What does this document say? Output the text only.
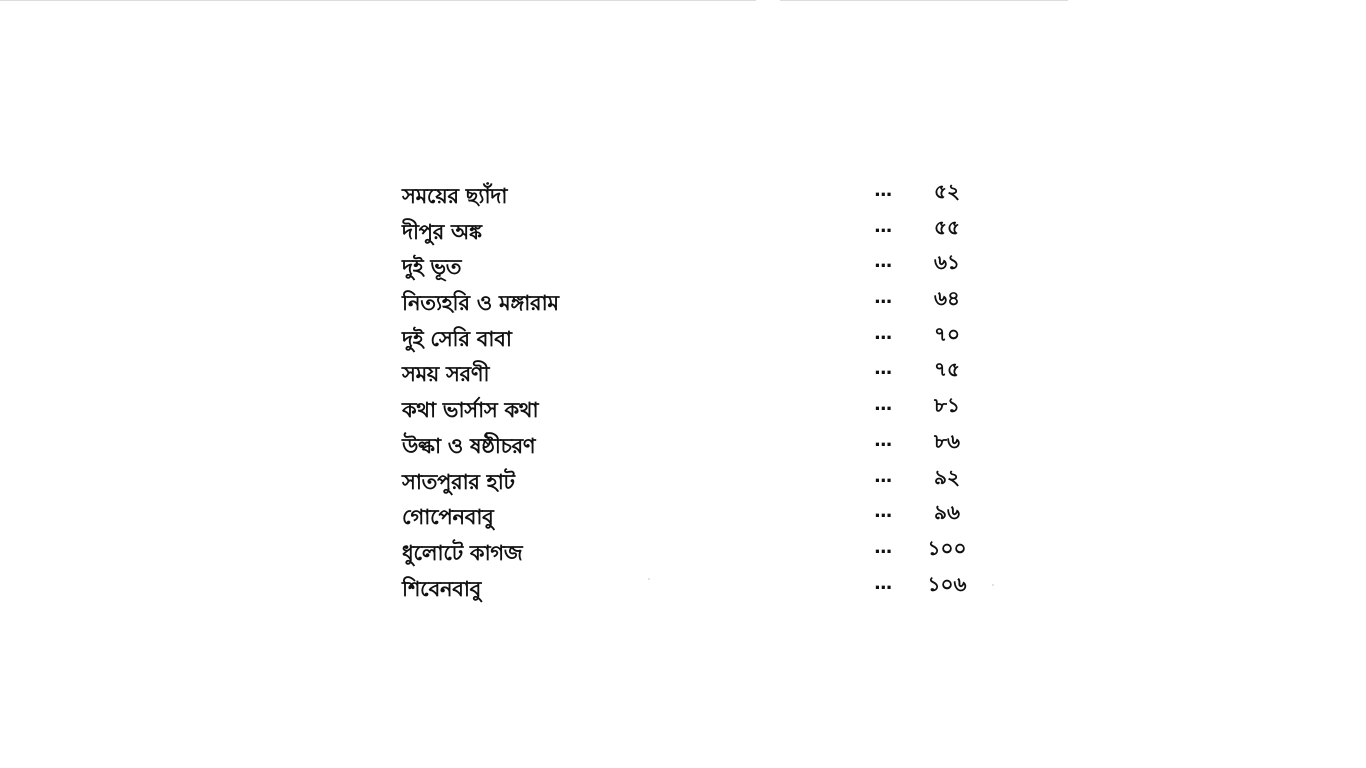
সময়ের ছ্যাঁদা	...	৫২
দীপুর অঙ্ক	...	৫৫
দুই ভূত	...	৬১
নিত্যহরি ও মঙ্গারাম	...	৬৪
দুই সেরি বাবা	...	৭০
সময় সরণী	...	৭৫
কথা ভার্সাস কথা	...	৮১
উল্কা ও ষষ্ঠীচরণ	...	৮৬
সাতপুরার হাট	...	৯২
গোপেনবাবু	...	৯৬
ধুলোটে কাগজ	... ১০০
শিবেনবাবু	... ১০৬
